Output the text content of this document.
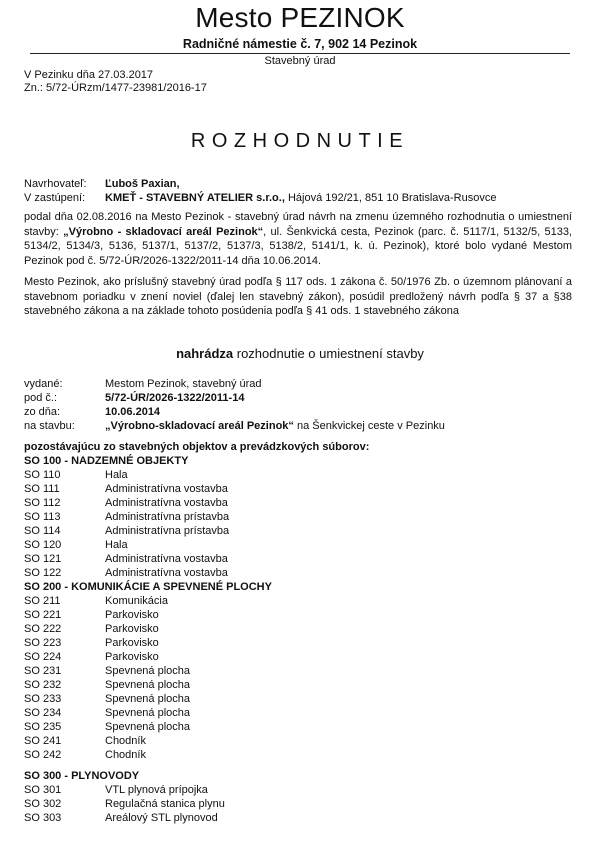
Mesto PEZINOK
Radničné námestie č. 7, 902 14 Pezinok
Stavebný úrad
V Pezinku dňa 27.03.2017
Zn.: 5/72-ÚRzm/1477-23981/2016-17
ROZHODNUTIE
Navrhovateľ: Ľuboš Paxian,
V zastúpení: KMEŤ - STAVEBNÝ ATELIER s.r.o., Hájová 192/21, 851 10 Bratislava-Rusovce

podal dňa 02.08.2016 na Mesto Pezinok - stavebný úrad návrh na zmenu územného rozhodnutia o umiestnení stavby: „Výrobno - skladovací areál Pezinok“, ul. Šenkvická cesta, Pezinok (parc. č. 5117/1, 5132/5, 5133, 5134/2, 5134/3, 5136, 5137/1, 5137/2, 5137/3, 5138/2, 5141/1, k. ú. Pezinok), ktoré bolo vydané Mestom Pezinok pod č. 5/72-ÚR/2026-1322/2011-14 dňa 10.06.2014.

Mesto Pezinok, ako príslušný stavebný úrad podľa § 117 ods. 1 zákona č. 50/1976 Zb. o územnom plánovaní a stavebnom poriadku v znení noviel (ďalej len stavebný zákon), posúdil predložený návrh podľa § 37 a §38 stavebného zákona a na základe tohoto posúdenia podľa § 41 ods. 1 stavebného zákona

nahrádza rozhodnutie o umiestnení stavby
vydané:	Mestom Pezinok, stavebný úrad
pod č.:	5/72-ÚR/2026-1322/2011-14
zo dňa:	10.06.2014
na stavbu:	„Výrobno-skladovací areál Pezinok“ na Šenkvickej ceste v Pezinku
pozostávajúcu zo stavebných objektov a prevádzkových súborov:
SO 100 - NADZEMNÉ OBJEKTY
SO 110	Hala
SO 111	Administratívna vostavba
SO 112	Administratívna vostavba
SO 113	Administratívna prístavba
SO 114	Administratívna prístavba
SO 120	Hala
SO 121	Administratívna vostavba
SO 122	Administratívna vostavba
SO 200 - KOMUNIKÁCIE A SPEVNENÉ PLOCHY
SO 211	Komunikácia
SO 221	Parkovisko
SO 222	Parkovisko
SO 223	Parkovisko
SO 224	Parkovisko
SO 231	Spevnená plocha
SO 232	Spevnená plocha
SO 233	Spevnená plocha
SO 234	Spevnená plocha
SO 235	Spevnená plocha
SO 241	Chodník
SO 242	Chodník
SO 300 - PLYNOVODY
SO 301	VTL plynová prípojka
SO 302	Regulačná stanica plynu
SO 303	Areálový STL plynovod
